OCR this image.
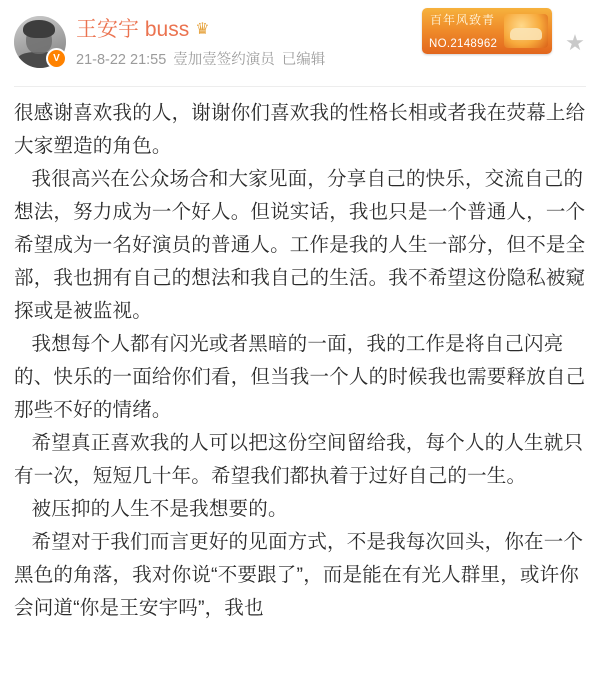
V
王安宇 buss ♛
21-8-22 21:55 壹加壹签约演员 已编辑
百年风致青
NO.2148962	★

很感谢喜欢我的人，谢谢你们喜欢我的性格长相或者我在荧幕上给大家塑造的角色。

我很高兴在公众场合和大家见面，分享自己的快乐，交流自己的想法，努力成为一个好人。但说实话，我也只是一个普通人，一个希望成为一名好演员的普通人。工作是我的人生一部分，但不是全部，我也拥有自己的想法和我自己的生活。我不希望这份隐私被窥探或是被监视。

我想每个人都有闪光或者黑暗的一面，我的工作是将自己闪亮的、快乐的一面给你们看，但当我一个人的时候我也需要释放自己那些不好的情绪。

希望真正喜欢我的人可以把这份空间留给我，每个人的人生就只有一次，短短几十年。希望我们都执着于过好自己的一生。

被压抑的人生不是我想要的。

希望对于我们而言更好的见面方式，不是我每次回头，你在一个黑色的角落，我对你说“不要跟了”，而是能在有光人群里，或许你会问道“你是王安宇吗”，我也
